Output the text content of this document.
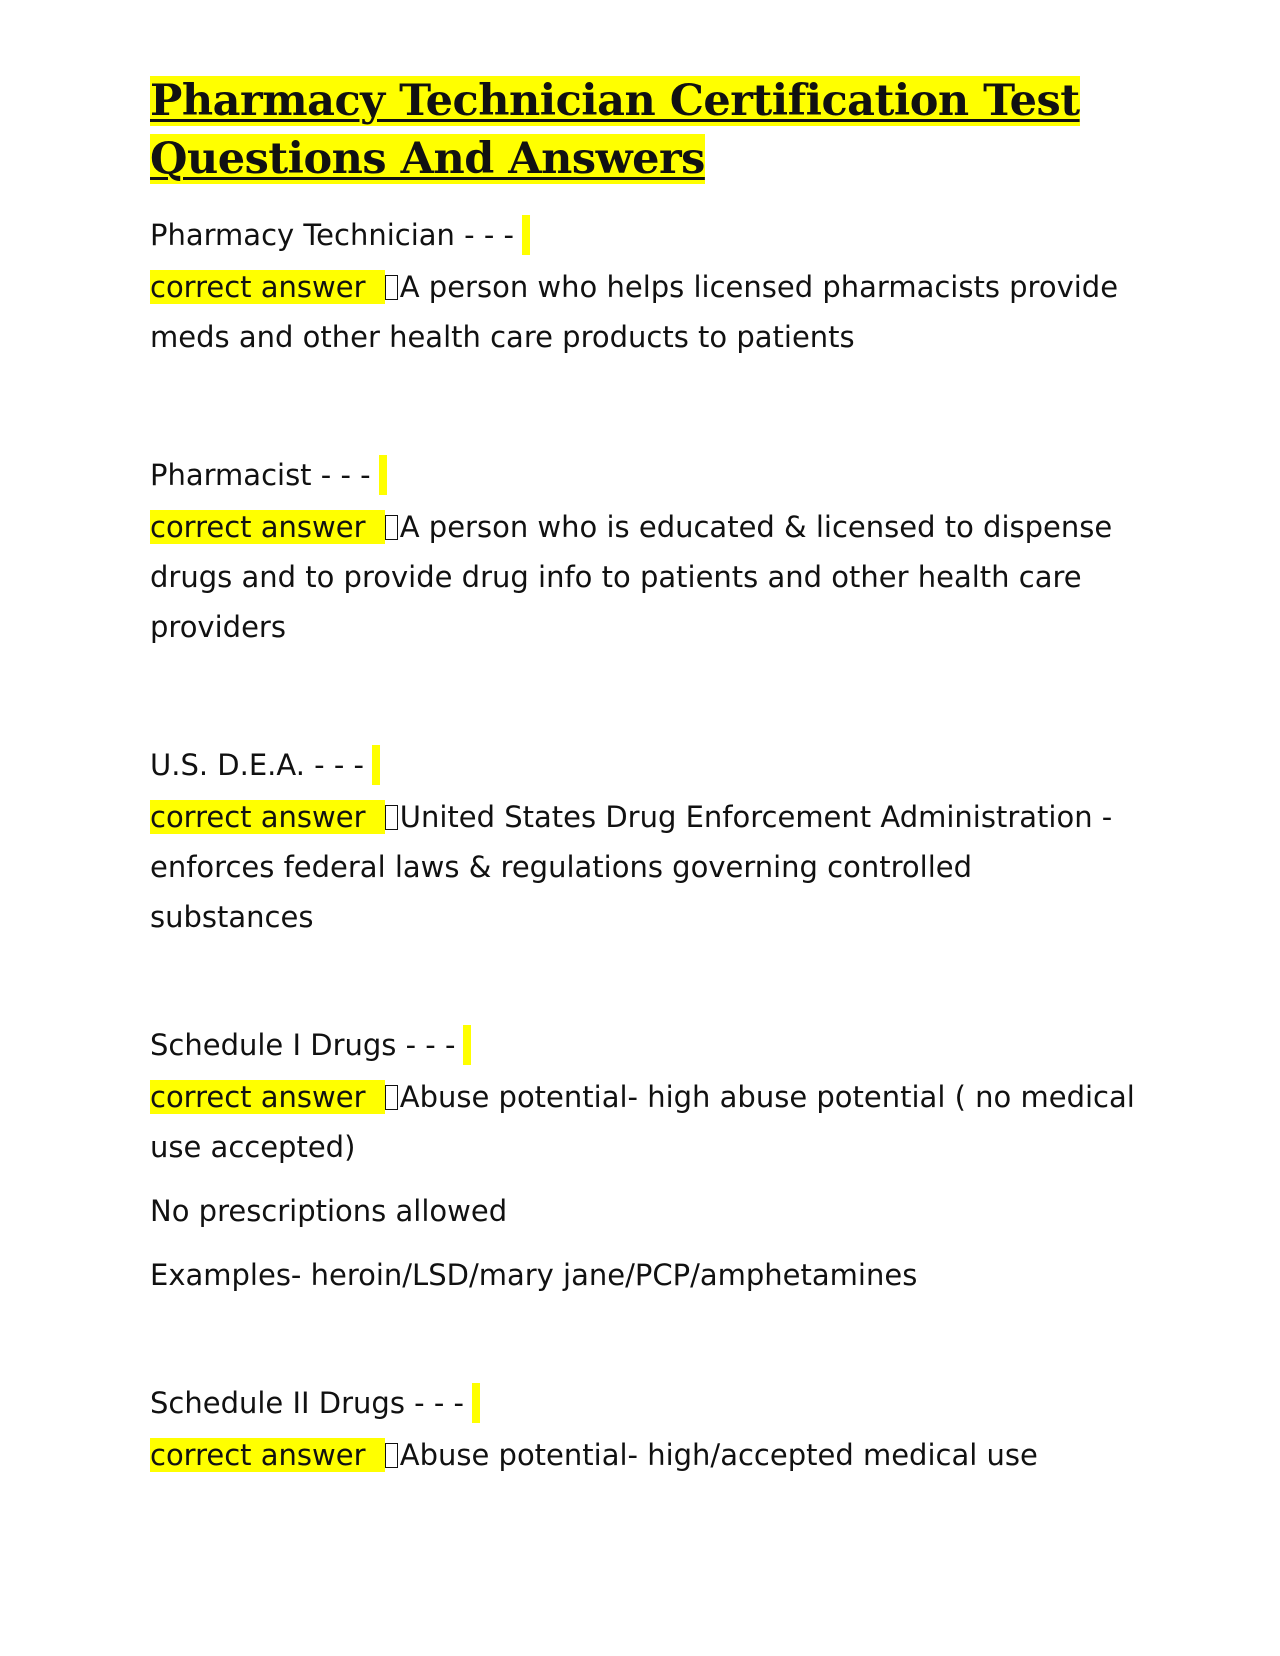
Pharmacy Technician Certification Test
Questions And Answers

Pharmacy Technician - - -

correct answer A person who helps licensed pharmacists provide meds and other health care products to patients

Pharmacist - - -

correct answer A person who is educated & licensed to dispense drugs and to provide drug info to patients and other health care providers

U.S. D.E.A. - - -

correct answer United States Drug Enforcement Administration - enforces federal laws & regulations governing controlled substances

Schedule I Drugs - - -

correct answer Abuse potential- high abuse potential ( no medical use accepted)

No prescriptions allowed

Examples- heroin/LSD/mary jane/PCP/amphetamines

Schedule II Drugs - - -

correct answer Abuse potential- high/accepted medical use
